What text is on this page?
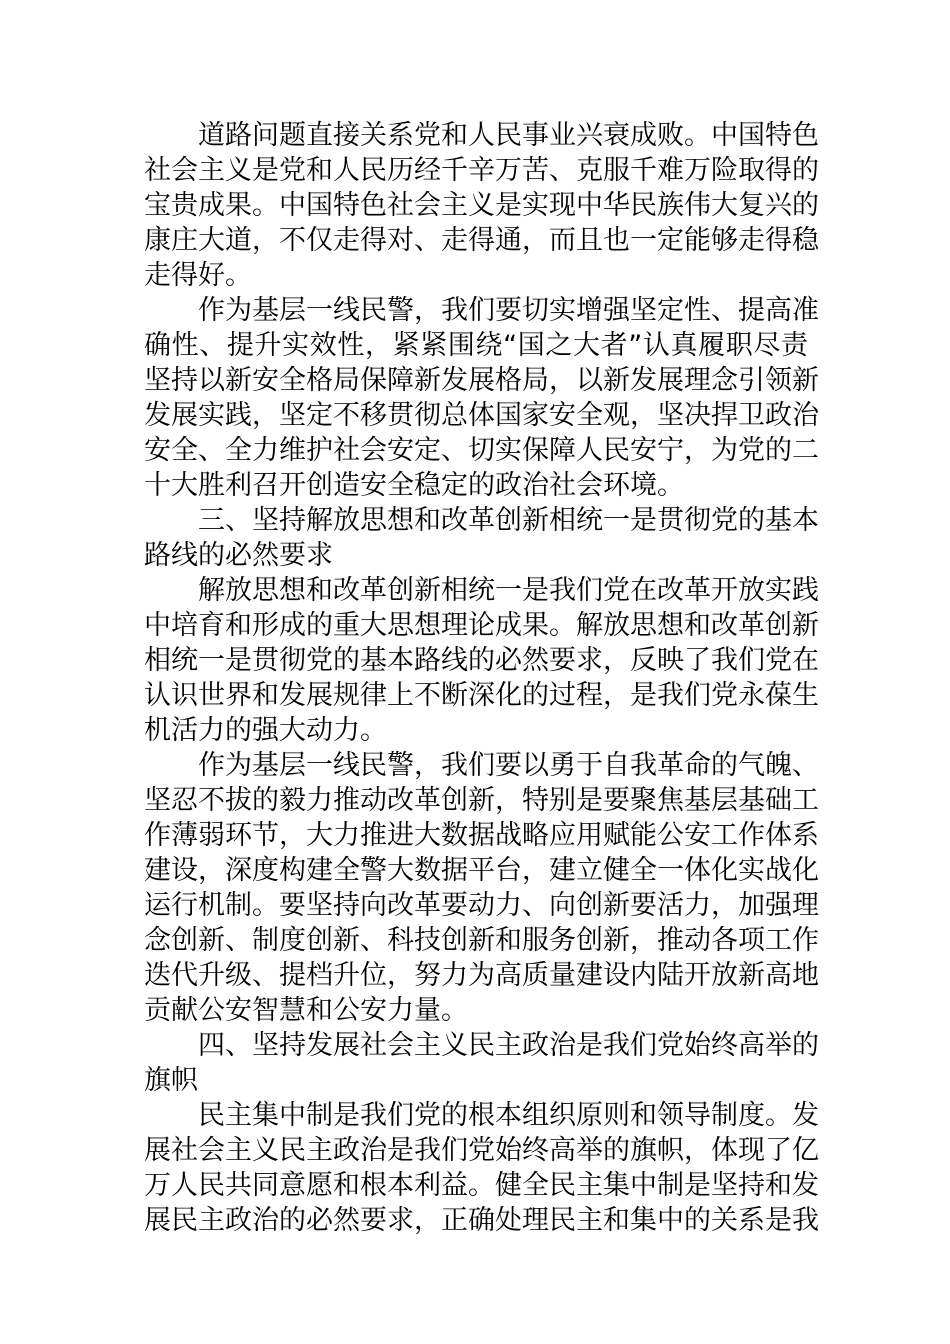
道路问题直接关系党和人民事业兴衰成败。中国特色
社会主义是党和人民历经千辛万苦、克服千难万险取得的
宝贵成果。中国特色社会主义是实现中华民族伟大复兴的
康庄大道，不仅走得对、走得通，而且也一定能够走得稳
走得好。
作为基层一线民警，我们要切实增强坚定性、提高准
确性、提升实效性，紧紧围绕“国之大者”认真履职尽责
坚持以新安全格局保障新发展格局，以新发展理念引领新
发展实践，坚定不移贯彻总体国家安全观，坚决捍卫政治
安全、全力维护社会安定、切实保障人民安宁，为党的二
十大胜利召开创造安全稳定的政治社会环境。
三、坚持解放思想和改革创新相统一是贯彻党的基本
路线的必然要求
解放思想和改革创新相统一是我们党在改革开放实践
中培育和形成的重大思想理论成果。解放思想和改革创新
相统一是贯彻党的基本路线的必然要求，反映了我们党在
认识世界和发展规律上不断深化的过程，是我们党永葆生
机活力的强大动力。
作为基层一线民警，我们要以勇于自我革命的气魄、
坚忍不拔的毅力推动改革创新，特别是要聚焦基层基础工
作薄弱环节，大力推进大数据战略应用赋能公安工作体系
建设，深度构建全警大数据平台，建立健全一体化实战化
运行机制。要坚持向改革要动力、向创新要活力，加强理
念创新、制度创新、科技创新和服务创新，推动各项工作
迭代升级、提档升位，努力为高质量建设内陆开放新高地
贡献公安智慧和公安力量。
四、坚持发展社会主义民主政治是我们党始终高举的
旗帜
民主集中制是我们党的根本组织原则和领导制度。发
展社会主义民主政治是我们党始终高举的旗帜，体现了亿
万人民共同意愿和根本利益。健全民主集中制是坚持和发
展民主政治的必然要求，正确处理民主和集中的关系是我
